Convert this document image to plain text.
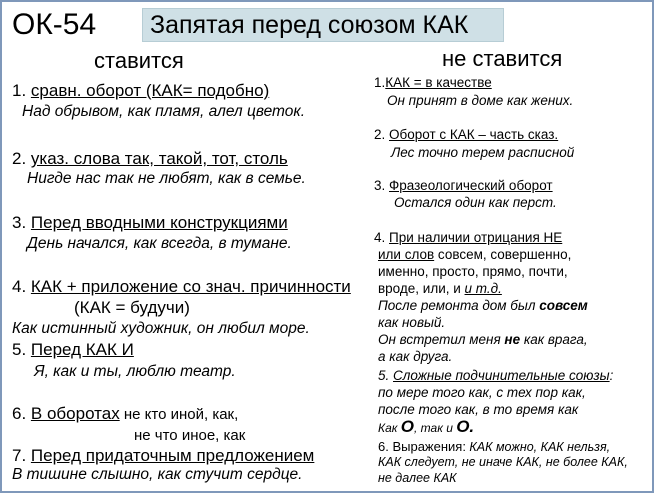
ОК-54 Запятая перед союзом КАК
ставится	не ставится
1. сравн. оборот (КАК= подобно)
Над обрывом, как пламя, алел цветок.
2. указ. слова так, такой, тот, столь
Нигде нас так не любят, как в семье.
3. Перед вводными конструкциями
День начался, как всегда, в тумане.
4. КАК + приложение со знач. причинности
(КАК = будучи)
Как истинный художник, он любил море.
5. Перед КАК И
Я, как и ты, люблю театр.
6. В оборотах не кто иной, как,
не что иное, как
7. Перед придаточным предложением
В тишине слышно, как стучит сердце.
1.КАК = в качестве
Он принят в доме как жених.
2. Оборот с КАК – часть сказ.
Лес точно терем расписной
3. Фразеологический оборот
Остался один как перст.
4. При наличии отрицания НЕ
или слов совсем, совершенно,
именно, просто, прямо, почти,
вроде, или, и и т.д.
После ремонта дом был совсем
как новый.
Он встретил меня не как врага,
а как друга.
5. Сложные подчинительные союзы:
по мере того как, с тех пор как,
после того как, в то время как
Как О, так и О.
6. Выражения: КАК можно, КАК нельзя,
КАК следует, не иначе КАК, не более КАК,
не далее КАК
